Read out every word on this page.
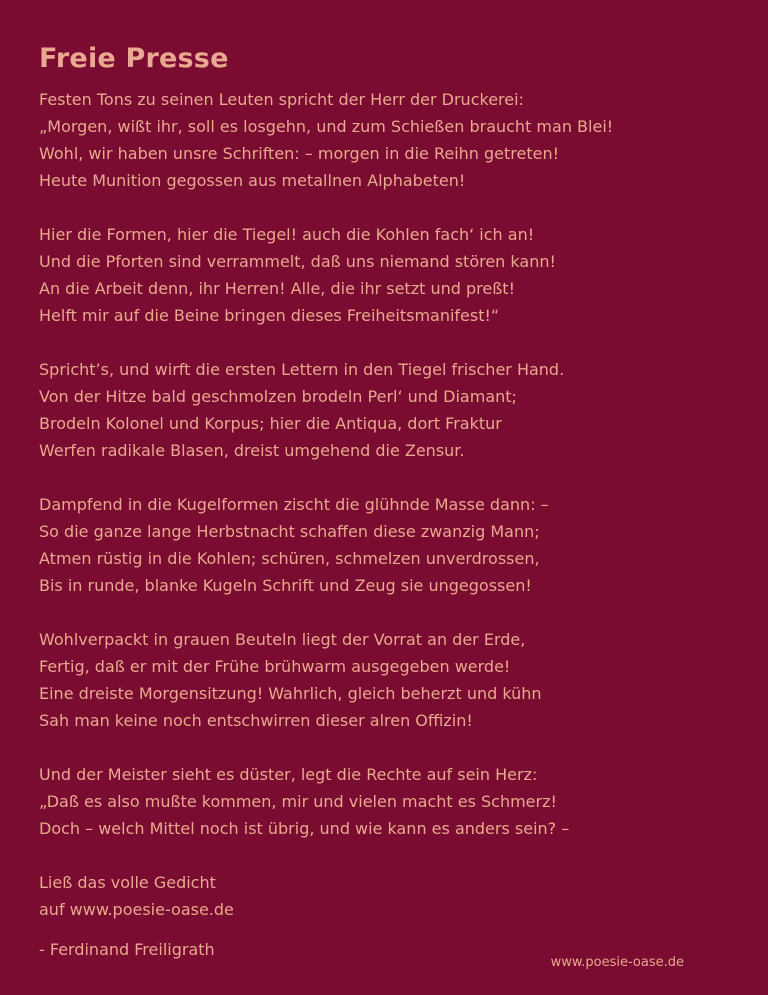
Freie Presse
Festen Tons zu seinen Leuten spricht der Herr der Druckerei:
„Morgen, wißt ihr, soll es losgehn, und zum Schießen braucht man Blei!
Wohl, wir haben unsre Schriften: – morgen in die Reihn getreten!
Heute Munition gegossen aus metallnen Alphabeten!
Hier die Formen, hier die Tiegel! auch die Kohlen fach‘ ich an!
Und die Pforten sind verrammelt, daß uns niemand stören kann!
An die Arbeit denn, ihr Herren! Alle, die ihr setzt und preßt!
Helft mir auf die Beine bringen dieses Freiheitsmanifest!“
Spricht’s, und wirft die ersten Lettern in den Tiegel frischer Hand.
Von der Hitze bald geschmolzen brodeln Perl‘ und Diamant;
Brodeln Kolonel und Korpus; hier die Antiqua, dort Fraktur
Werfen radikale Blasen, dreist umgehend die Zensur.
Dampfend in die Kugelformen zischt die glühnde Masse dann: –
So die ganze lange Herbstnacht schaffen diese zwanzig Mann;
Atmen rüstig in die Kohlen; schüren, schmelzen unverdrossen,
Bis in runde, blanke Kugeln Schrift und Zeug sie ungegossen!
Wohlverpackt in grauen Beuteln liegt der Vorrat an der Erde,
Fertig, daß er mit der Frühe brühwarm ausgegeben werde!
Eine dreiste Morgensitzung! Wahrlich, gleich beherzt und kühn
Sah man keine noch entschwirren dieser alren Offizin!
Und der Meister sieht es düster, legt die Rechte auf sein Herz:
„Daß es also mußte kommen, mir und vielen macht es Schmerz!
Doch – welch Mittel noch ist übrig, und wie kann es anders sein? –
Ließ das volle Gedicht
auf www.poesie-oase.de
- Ferdinand Freiligrath
www.poesie-oase.de
